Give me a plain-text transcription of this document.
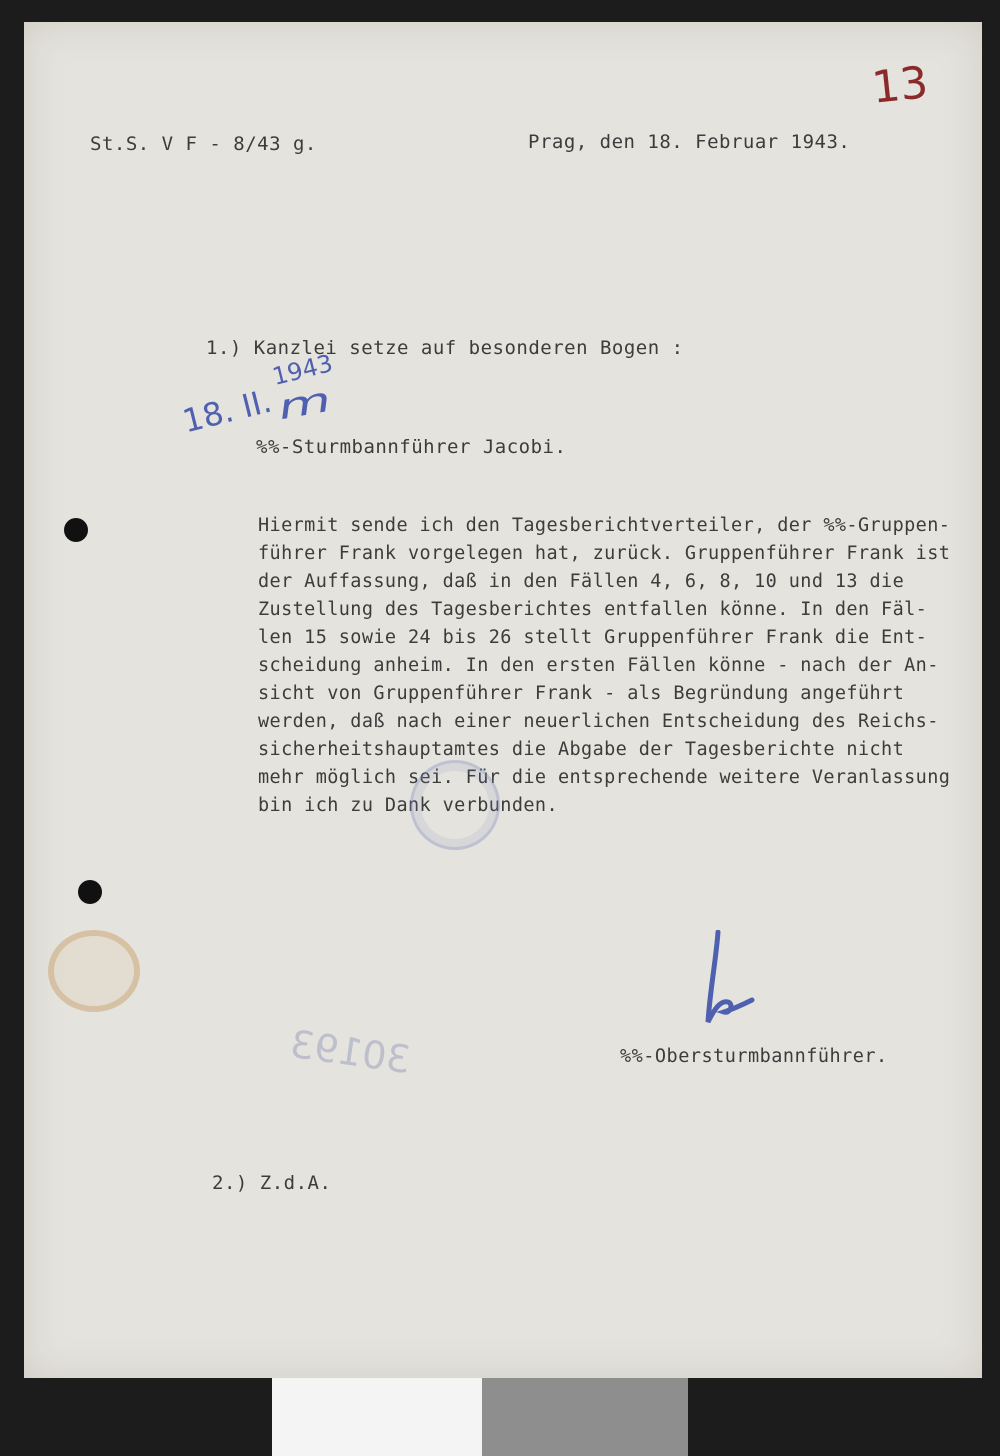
St.S. V F - 8/43 g.	Prag, den 18. Februar 1943.
13
1.) Kanzlei setze auf besonderen Bogen :
18. II.
1943
m
%%-Sturmbannführer Jacobi.
Hiermit sende ich den Tagesberichtverteiler, der %%-Gruppen-
führer Frank vorgelegen hat, zurück. Gruppenführer Frank ist
der Auffassung, daß in den Fällen 4, 6, 8, 10 und 13 die
Zustellung des Tagesberichtes entfallen könne. In den Fäl-
len 15 sowie 24 bis 26 stellt Gruppenführer Frank die Ent-
scheidung anheim. In den ersten Fällen könne - nach der An-
sicht von Gruppenführer Frank - als Begründung angeführt
werden, daß nach einer neuerlichen Entscheidung des Reichs-
sicherheitshauptamtes die Abgabe der Tagesberichte nicht
mehr möglich sei. Für die entsprechende weitere Veranlassung
bin ich zu Dank verbunden.
30193	%%-Obersturmbannführer.
2.) Z.d.A.
